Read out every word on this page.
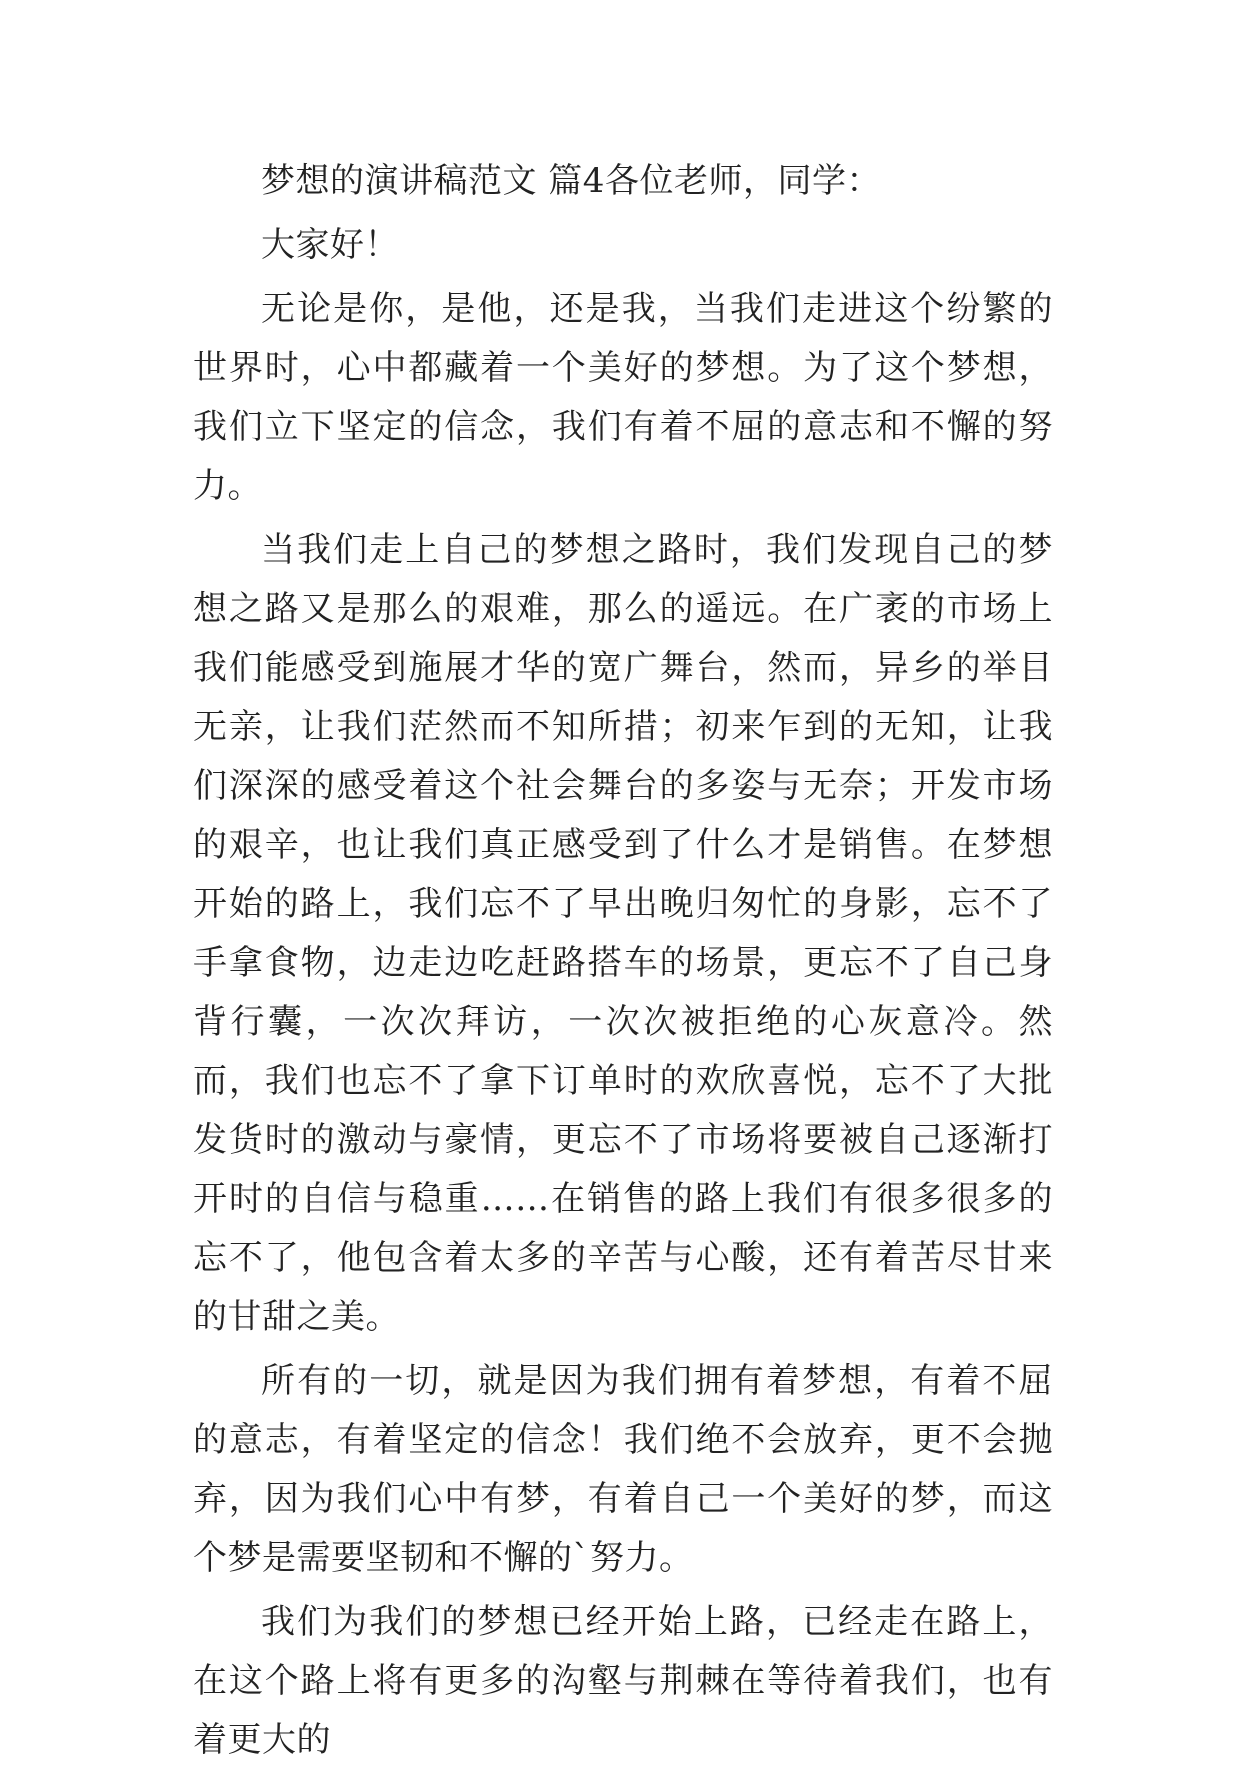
梦想的演讲稿范文 篇4各位老师，同学：

大家好！

无论是你，是他，还是我，当我们走进这个纷繁的世界时，心中都藏着一个美好的梦想。为了这个梦想，我们立下坚定的信念，我们有着不屈的意志和不懈的努力。

当我们走上自己的梦想之路时，我们发现自己的梦想之路又是那么的艰难，那么的遥远。在广袤的市场上我们能感受到施展才华的宽广舞台，然而，异乡的举目无亲，让我们茫然而不知所措；初来乍到的无知，让我们深深的感受着这个社会舞台的多姿与无奈；开发市场的艰辛，也让我们真正感受到了什么才是销售。在梦想开始的路上，我们忘不了早出晚归匆忙的身影，忘不了手拿食物，边走边吃赶路搭车的场景，更忘不了自己身背行囊，一次次拜访，一次次被拒绝的心灰意冷。然而，我们也忘不了拿下订单时的欢欣喜悦，忘不了大批发货时的激动与豪情，更忘不了市场将要被自己逐渐打开时的自信与稳重……在销售的路上我们有很多很多的忘不了，他包含着太多的辛苦与心酸，还有着苦尽甘来的甘甜之美。

所有的一切，就是因为我们拥有着梦想，有着不屈的意志，有着坚定的信念！我们绝不会放弃，更不会抛弃，因为我们心中有梦，有着自己一个美好的梦，而这个梦是需要坚韧和不懈的`努力。

我们为我们的梦想已经开始上路，已经走在路上，在这个路上将有更多的沟壑与荆棘在等待着我们，也有着更大的
